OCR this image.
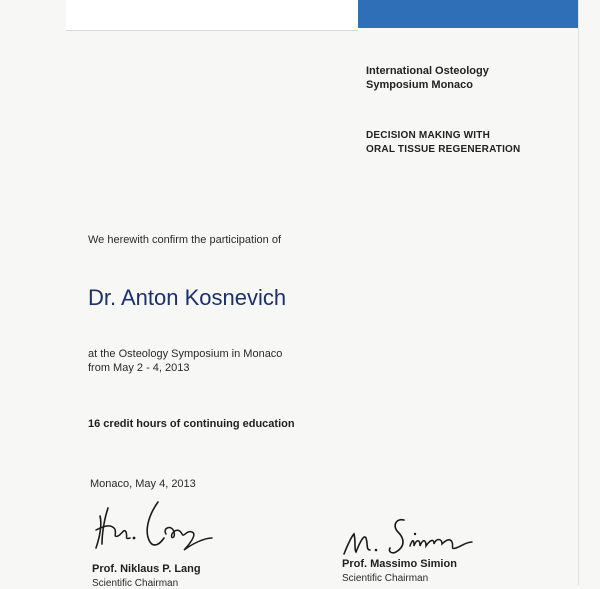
International Osteology
Symposium Monaco
DECISION MAKING WITH
ORAL TISSUE REGENERATION

We herewith confirm the participation of

Dr. Anton Kosnevich

at the Osteology Symposium in Monaco
from May 2 - 4, 2013

16 credit hours of continuing education

Monaco, May 4, 2013

Prof. Niklaus P. Lang

Scientific Chairman

Prof. Massimo Simion

Scientific Chairman
